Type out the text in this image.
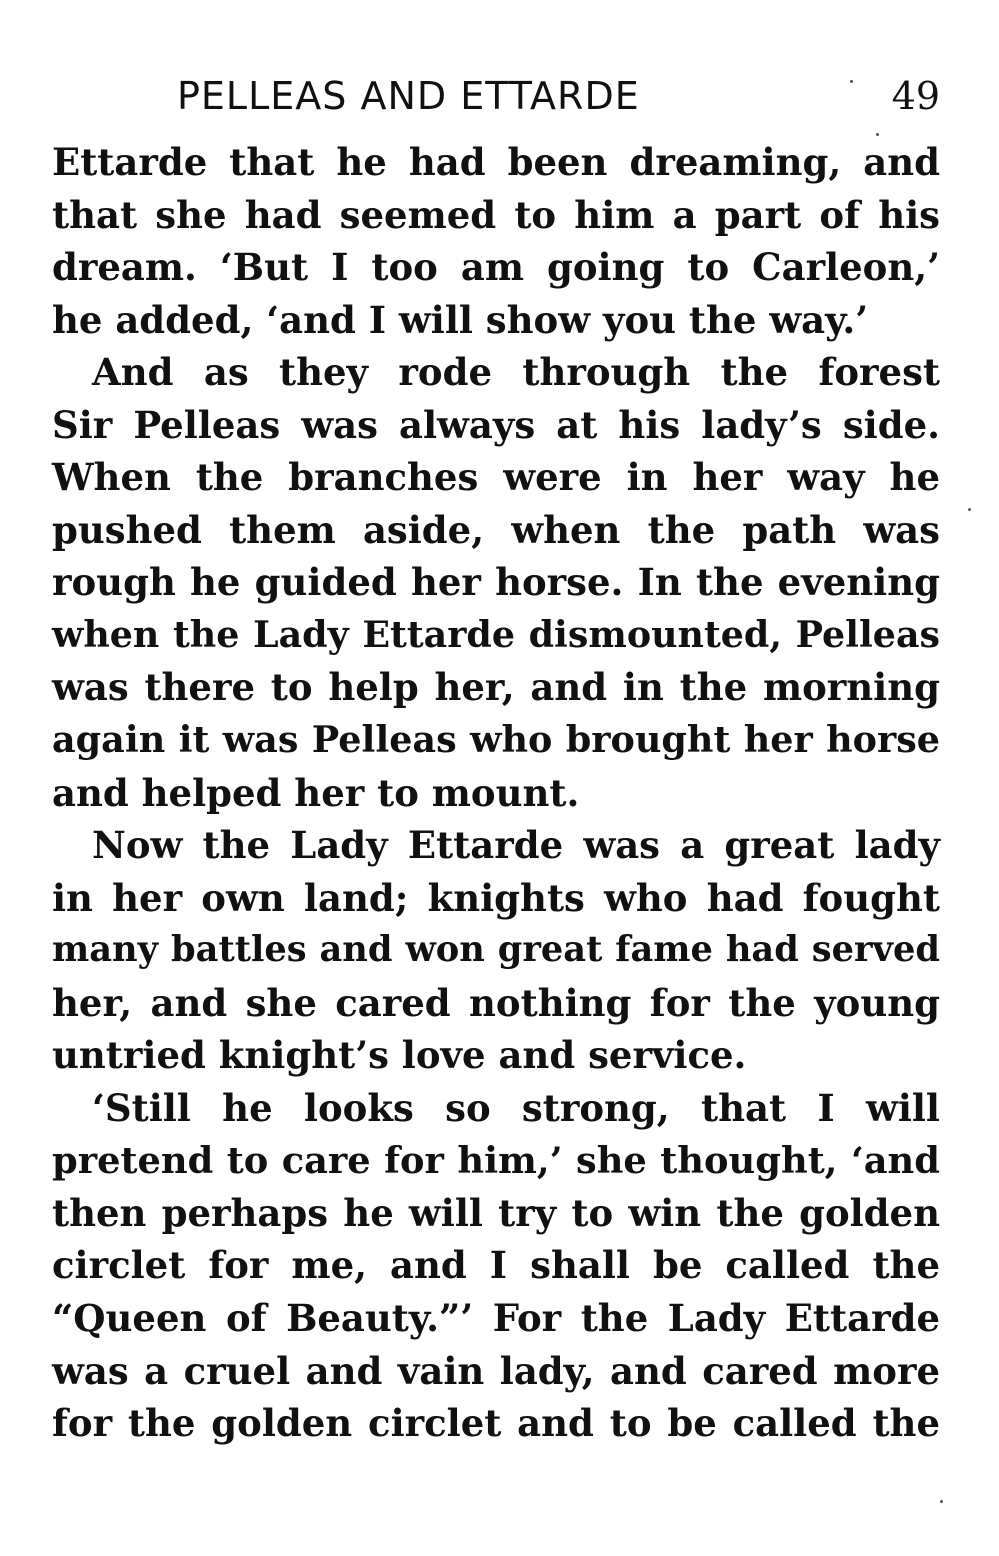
PELLEAS AND ETTARDE	49
Ettarde that he had been dreaming, and
that she had seemed to him a part of his
dream. ‘But I too am going to Carleon,’
he added, ‘and I will show you the way.’
And as they rode through the forest
Sir Pelleas was always at his lady’s side.
When the branches were in her way he
pushed them aside, when the path was
rough he guided her horse. In the evening
when the Lady Ettarde dismounted, Pelleas
was there to help her, and in the morning
again it was Pelleas who brought her horse
and helped her to mount.
Now the Lady Ettarde was a great lady
in her own land; knights who had fought
many battles and won great fame had served
her, and she cared nothing for the young
untried knight’s love and service.
‘Still he looks so strong, that I will
pretend to care for him,’ she thought, ‘and
then perhaps he will try to win the golden
circlet for me, and I shall be called the
“Queen of Beauty.”’ For the Lady Ettarde
was a cruel and vain lady, and cared more
for the golden circlet and to be called the
